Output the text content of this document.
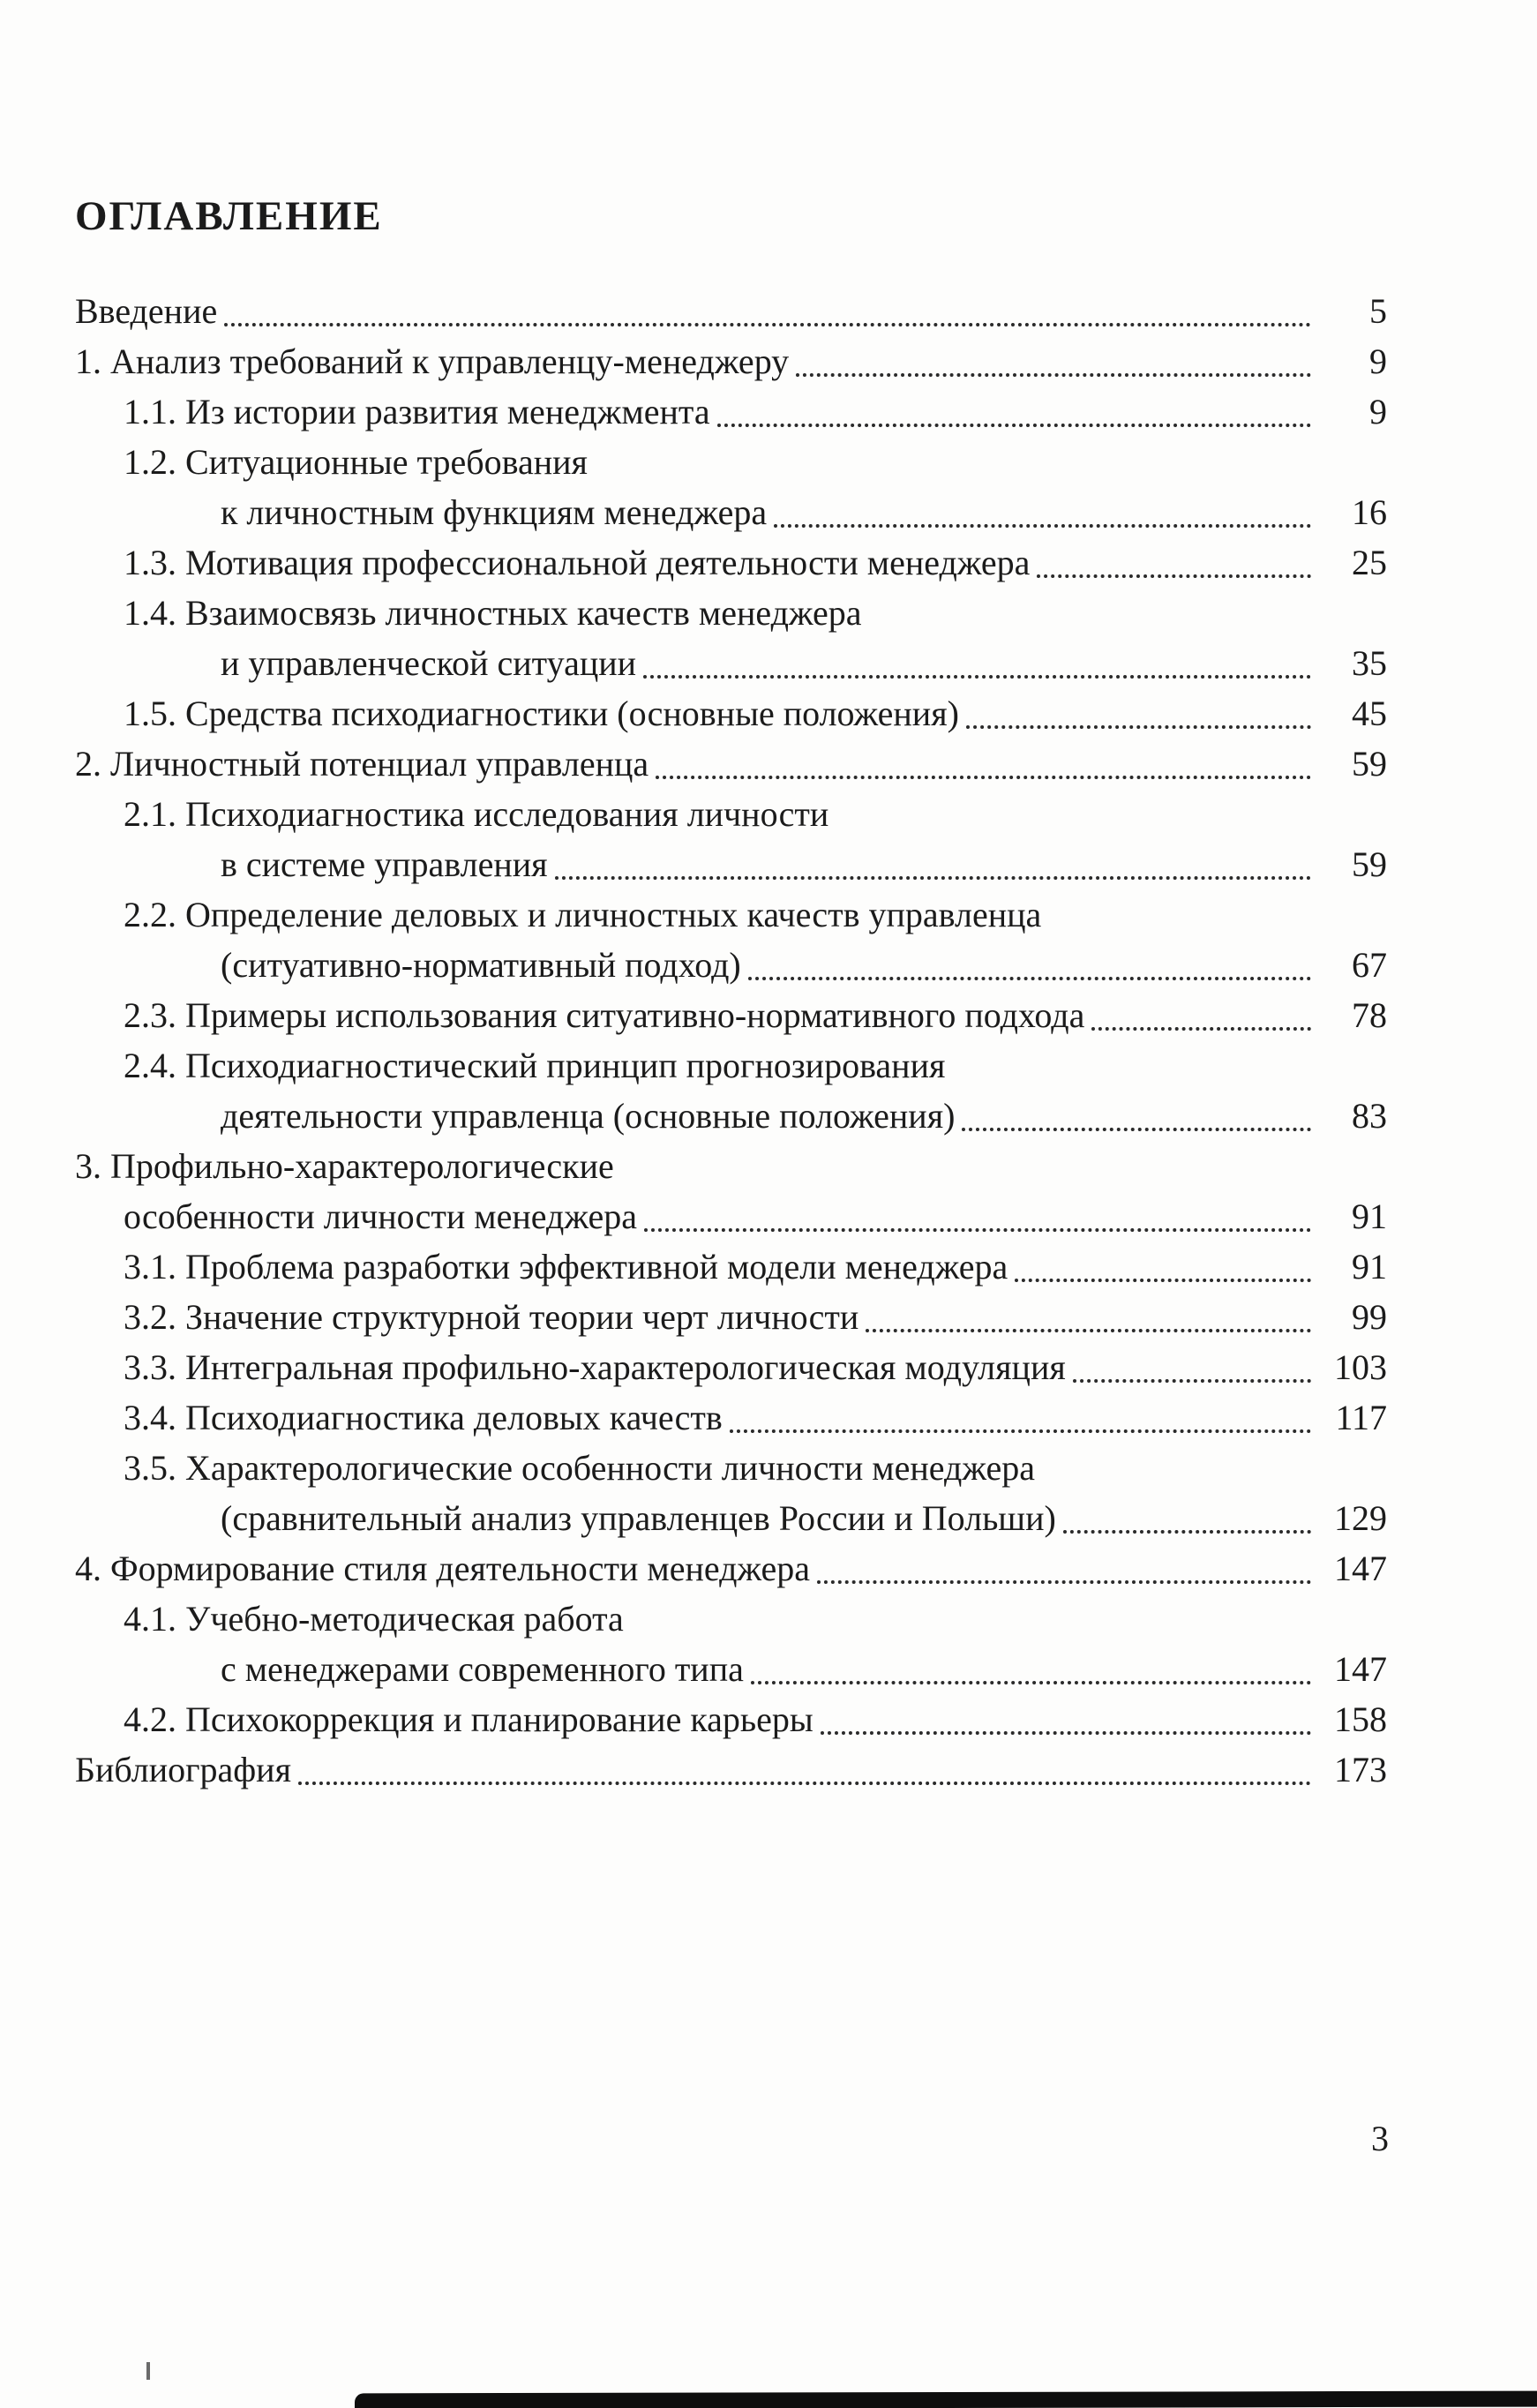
ОГЛАВЛЕНИЕ
Введение	5
1. Анализ требований к управленцу-менеджеру	9
1.1. Из истории развития менеджмента	9
1.2. Ситуационные требования
к личностным функциям менеджера	16
1.3. Мотивация профессиональной деятельности менеджера	25
1.4. Взаимосвязь личностных качеств менеджера
и управленческой ситуации	35
1.5. Средства психодиагностики (основные положения)	45
2. Личностный потенциал управленца	59
2.1. Психодиагностика исследования личности
в системе управления	59
2.2. Определение деловых и личностных качеств управленца
(ситуативно-нормативный подход)	67
2.3. Примеры использования ситуативно-нормативного подхода	78
2.4. Психодиагностический принцип прогнозирования
деятельности управленца (основные положения)	83
3. Профильно-характерологические
особенности личности менеджера	91
3.1. Проблема разработки эффективной модели менеджера	91
3.2. Значение структурной теории черт личности	99
3.3. Интегральная профильно-характерологическая модуляция	103
3.4. Психодиагностика деловых качеств	117
3.5. Характерологические особенности личности менеджера
(сравнительный анализ управленцев России и Польши)	129
4. Формирование стиля деятельности менеджера	147
4.1. Учебно-методическая работа
с менеджерами современного типа	147
4.2. Психокоррекция и планирование карьеры	158
Библиография	173
3
